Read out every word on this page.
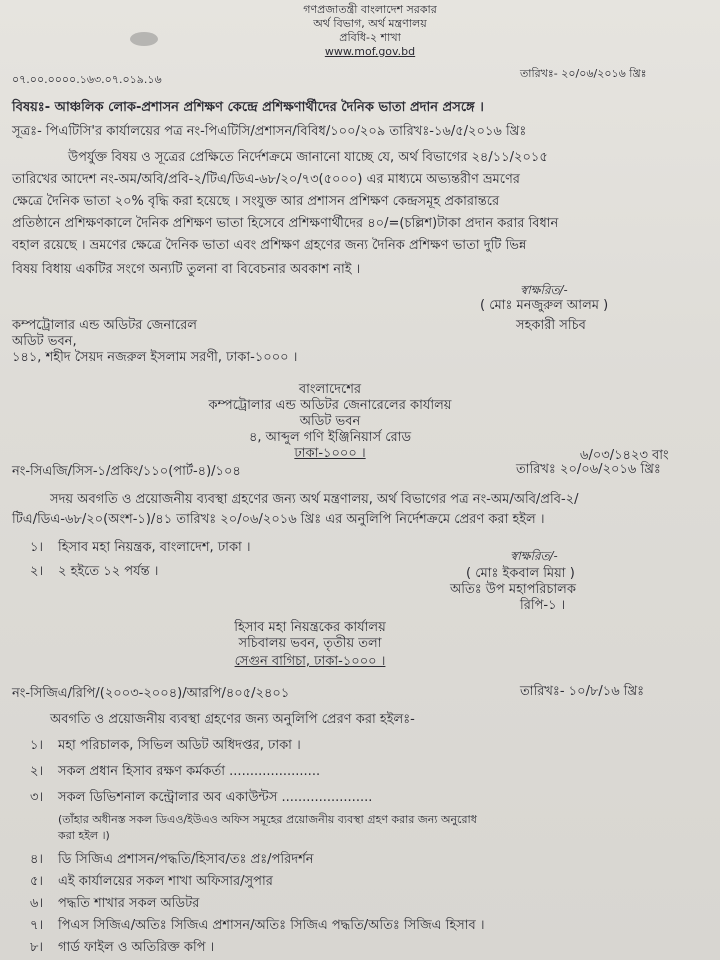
গণপ্রজাতন্ত্রী বাংলাদেশ সরকার
অর্থ বিভাগ, অর্থ মন্ত্রণালয়
প্রবিধি-২ শাখা
www.mof.gov.bd
০৭.০০.০০০০.১৬৩.০৭.০১৯.১৬	তারিখঃ- ২০/০৬/২০১৬ খ্রিঃ
বিষয়ঃ- আঞ্চলিক লোক-প্রশাসন প্রশিক্ষণ কেন্দ্রে প্রশিক্ষণার্থীদের দৈনিক ভাতা প্রদান প্রসঙ্গে ।
সূত্রঃ- পিএটিসি'র কার্যালয়ের পত্র নং-পিএটিসি/প্রশাসন/বিবিধ/১০০/২০৯ তারিখঃ-১৬/৫/২০১৬ খ্রিঃ
উপর্যুক্ত বিষয় ও সূত্রের প্রেক্ষিতে নির্দেশক্রমে জানানো যাচ্ছে যে, অর্থ বিভাগের ২৪/১১/২০১৫
তারিখের আদেশ নং-অম/অবি/প্রবি-২/টিএ/ডিএ-৬৮/২০/৭৩(৫০০০) এর মাধ্যমে অভ্যন্তরীণ ভ্রমণের
ক্ষেত্রে দৈনিক ভাতা ২০% বৃদ্ধি করা হয়েছে । সংযুক্ত আর প্রশাসন প্রশিক্ষণ কেন্দ্রসমূহ প্রকারান্তরে
প্রতিষ্ঠানে প্রশিক্ষণকালে দৈনিক প্রশিক্ষণ ভাতা হিসেবে প্রশিক্ষণার্থীদের ৪০/=(চল্লিশ)টাকা প্রদান করার বিধান
বহাল রয়েছে । ভ্রমণের ক্ষেত্রে দৈনিক ভাতা এবং প্রশিক্ষণ গ্রহণের জন্য দৈনিক প্রশিক্ষণ ভাতা দুটি ভিন্ন
বিষয় বিধায় একটির সংগে অন্যটি তুলনা বা বিবেচনার অবকাশ নাই ।
স্বাক্ষরিত/-
( মোঃ মনজুরুল আলম )
সহকারী সচিব
কম্পট্রোলার এন্ড অডিটর জেনারেল
অডিট ভবন,
১৪১, শহীদ সৈয়দ নজরুল ইসলাম সরণী, ঢাকা-১০০০ ।
বাংলাদেশের
কম্পট্রোলার এন্ড অডিটর জেনারেলের কার্যালয়
অডিট ভবন
৪, আব্দুল গণি ইঞ্জিনিয়ার্স রোড
ঢাকা-১০০০ ।	৬/০৩/১৪২৩ বাং
নং-সিএজি/সিস-১/প্রকিং/১১০(পার্ট-৪)/১০৪	তারিখঃ ২০/০৬/২০১৬ খ্রিঃ
সদয় অবগতি ও প্রয়োজনীয় ব্যবস্থা গ্রহণের জন্য অর্থ মন্ত্রণালয়, অর্থ বিভাগের পত্র নং-অম/অবি/প্রবি-২/
টিএ/ডিএ-৬৮/২০(অংশ-১)/৪১ তারিখঃ ২০/০৬/২০১৬ খ্রিঃ এর অনুলিপি নির্দেশক্রমে প্রেরণ করা হইল ।
১। হিসাব মহা নিয়ন্ত্রক, বাংলাদেশ, ঢাকা ।
২। ২ হইতে ১২ পর্যন্ত ।
স্বাক্ষরিত/-
( মোঃ ইকবাল মিয়া )
অতিঃ উপ মহাপরিচালক
রিপি-১ ।
হিসাব মহা নিয়ন্ত্রকের কার্যালয়
সচিবালয় ভবন, তৃতীয় তলা
সেগুন বাগিচা, ঢাকা-১০০০ ।
নং-সিজিএ/রিপি/(২০০৩-২০০৪)/আরপি/৪০৫/২৪০১	তারিখঃ- ১০/৮/১৬ খ্রিঃ
অবগতি ও প্রয়োজনীয় ব্যবস্থা গ্রহণের জন্য অনুলিপি প্রেরণ করা হইলঃ-
১। মহা পরিচালক, সিভিল অডিট অধিদপ্তর, ঢাকা ।
২। সকল প্রধান হিসাব রক্ষণ কর্মকর্তা ......................
৩। সকল ডিভিশনাল কন্ট্রোলার অব একাউন্টস ......................
(তাঁহার অধীনস্ত সকল ডিএও/ইউএও অফিস সমূহের প্রয়োজনীয় ব্যবস্থা গ্রহণ করার জন্য অনুরোধ
করা হইল ।)
৪। ডি সিজিএ প্রশাসন/পদ্ধতি/হিসাব/তঃ প্রঃ/পরিদর্শন
৫। এই কার্যালয়ের সকল শাখা অফিসার/সুপার
৬। পদ্ধতি শাখার সকল অডিটর
৭। পিএস সিজিএ/অতিঃ সিজিএ প্রশাসন/অতিঃ সিজিএ পদ্ধতি/অতিঃ সিজিএ হিসাব ।
৮। গার্ড ফাইল ও অতিরিক্ত কপি ।
